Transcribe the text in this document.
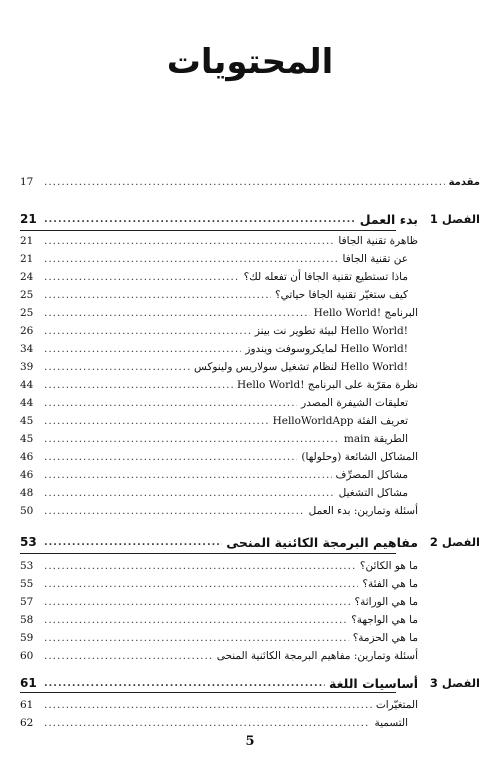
المحتويات
مقدمة
.....
17
الفصل 1
بدء العمل
.....
21
ظاهرة تقنية الجافا
.....
21
عن تقنية الجافا
.....
21
ماذا تستطيع تقنية الجافا أن تفعله لك؟
.....
24
كيف ستغيّر تقنية الجافا حياتي؟
.....
25
البرنامج !Hello World
.....
25
!Hello World لبيئة تطوير نت بينز
.....
26
!Hello World لمايكروسوفت ويندوز
.....
34
!Hello World لنظام تشغيل سولاريس ولينوكس
.....
39
نظرة مقرّبة على البرنامج !Hello World
.....
44
تعليقات الشيفرة المصدر
.....
44
تعريف الفئة HelloWorldApp
.....
45
الطريقة main
.....
45
المشاكل الشائعة (وحلولها)
.....
46
مشاكل المصرِّف
.....
46
مشاكل التشغيل
.....
48
أسئلة وتمارين: بدء العمل
.....
50
الفصل 2
مفاهيم البرمجة الكائنية المنحى
.....
53
ما هو الكائن؟
.....
53
ما هي الفئة؟
.....
55
ما هي الوراثة؟
.....
57
ما هي الواجهة؟
.....
58
ما هي الحزمة؟
.....
59
أسئلة وتمارين: مفاهيم البرمجة الكائنية المنحى
.....
60
الفصل 3
أساسيات اللغة
.....
61
المتغيّرات
.....
61
التسمية
.....
62
5
